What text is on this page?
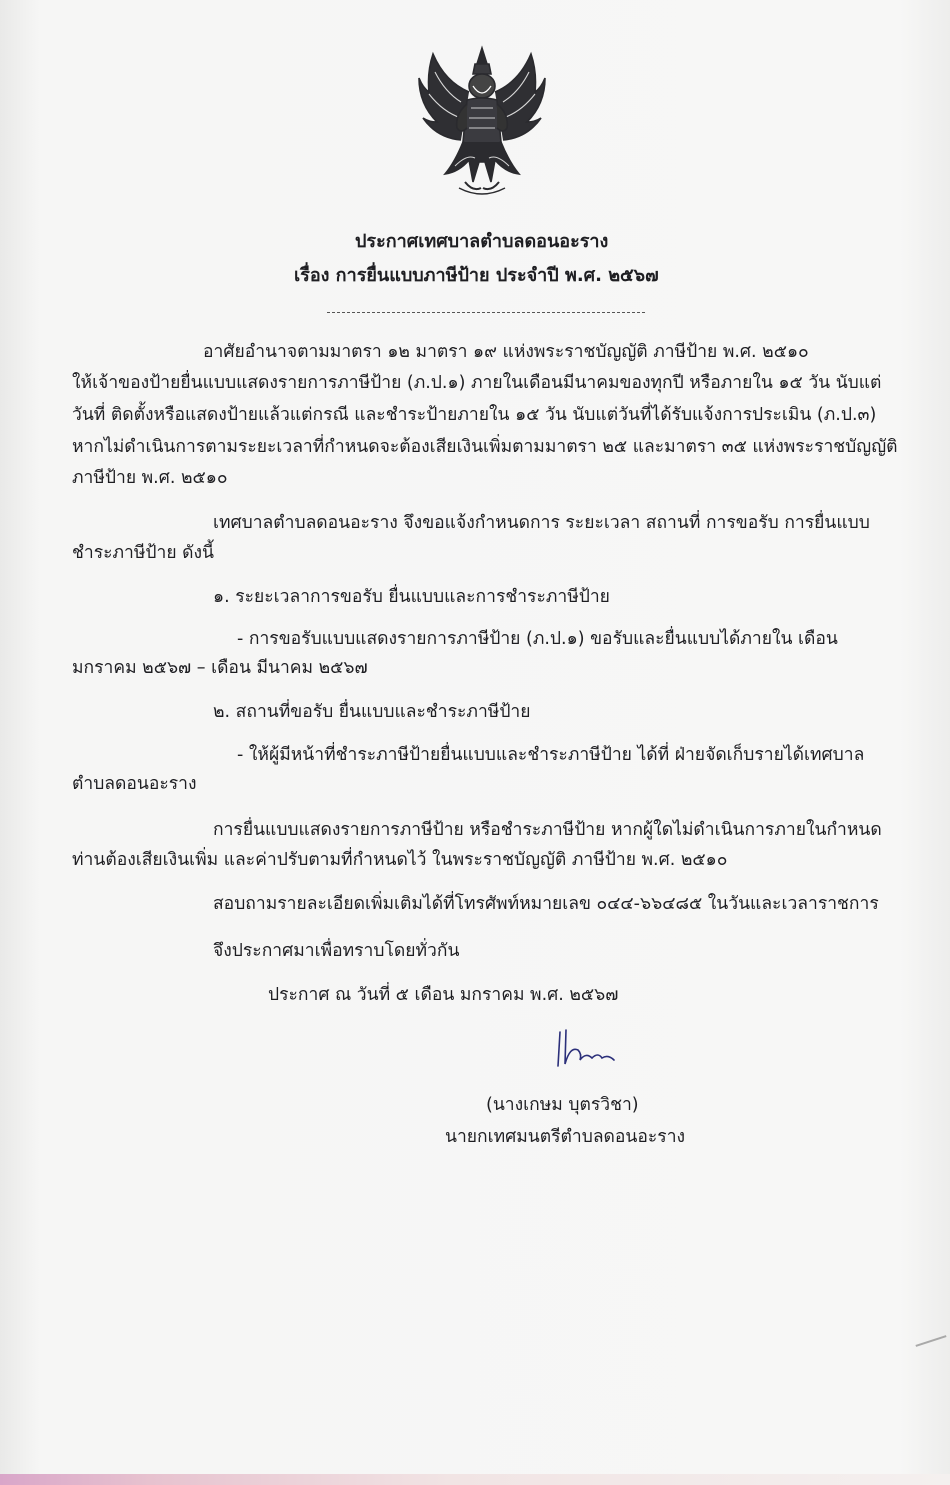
ประกาศเทศบาลตำบลดอนอะราง
เรื่อง การยื่นแบบภาษีป้าย ประจำปี พ.ศ. ๒๕๖๗
อาศัยอำนาจตามมาตรา ๑๒ มาตรา ๑๙ แห่งพระราชบัญญัติ ภาษีป้าย พ.ศ. ๒๕๑๐
ให้เจ้าของป้ายยื่นแบบแสดงรายการภาษีป้าย (ภ.ป.๑) ภายในเดือนมีนาคมของทุกปี หรือภายใน ๑๕ วัน นับแต่
วันที่ ติดตั้งหรือแสดงป้ายแล้วแต่กรณี และชำระป้ายภายใน ๑๕ วัน นับแต่วันที่ได้รับแจ้งการประเมิน (ภ.ป.๓)
หากไม่ดำเนินการตามระยะเวลาที่กำหนดจะต้องเสียเงินเพิ่มตามมาตรา ๒๕ และมาตรา ๓๕ แห่งพระราชบัญญัติ
ภาษีป้าย พ.ศ. ๒๕๑๐
เทศบาลตำบลดอนอะราง จึงขอแจ้งกำหนดการ ระยะเวลา สถานที่ การขอรับ การยื่นแบบ
ชำระภาษีป้าย ดังนี้
๑. ระยะเวลาการขอรับ ยื่นแบบและการชำระภาษีป้าย
- การขอรับแบบแสดงรายการภาษีป้าย (ภ.ป.๑) ขอรับและยื่นแบบได้ภายใน เดือน
มกราคม ๒๕๖๗ – เดือน มีนาคม ๒๕๖๗
๒. สถานที่ขอรับ ยื่นแบบและชำระภาษีป้าย
- ให้ผู้มีหน้าที่ชำระภาษีป้ายยื่นแบบและชำระภาษีป้าย ได้ที่ ฝ่ายจัดเก็บรายได้เทศบาล
ตำบลดอนอะราง
การยื่นแบบแสดงรายการภาษีป้าย หรือชำระภาษีป้าย หากผู้ใดไม่ดำเนินการภายในกำหนด
ท่านต้องเสียเงินเพิ่ม และค่าปรับตามที่กำหนดไว้ ในพระราชบัญญัติ ภาษีป้าย พ.ศ. ๒๕๑๐
สอบถามรายละเอียดเพิ่มเติมได้ที่โทรศัพท์หมายเลข ๐๔๔-๖๖๔๘๕ ในวันและเวลาราชการ
จึงประกาศมาเพื่อทราบโดยทั่วกัน
ประกาศ ณ วันที่ ๕ เดือน มกราคม พ.ศ. ๒๕๖๗
(นางเกษม บุตรวิชา)
นายกเทศมนตรีตำบลดอนอะราง
